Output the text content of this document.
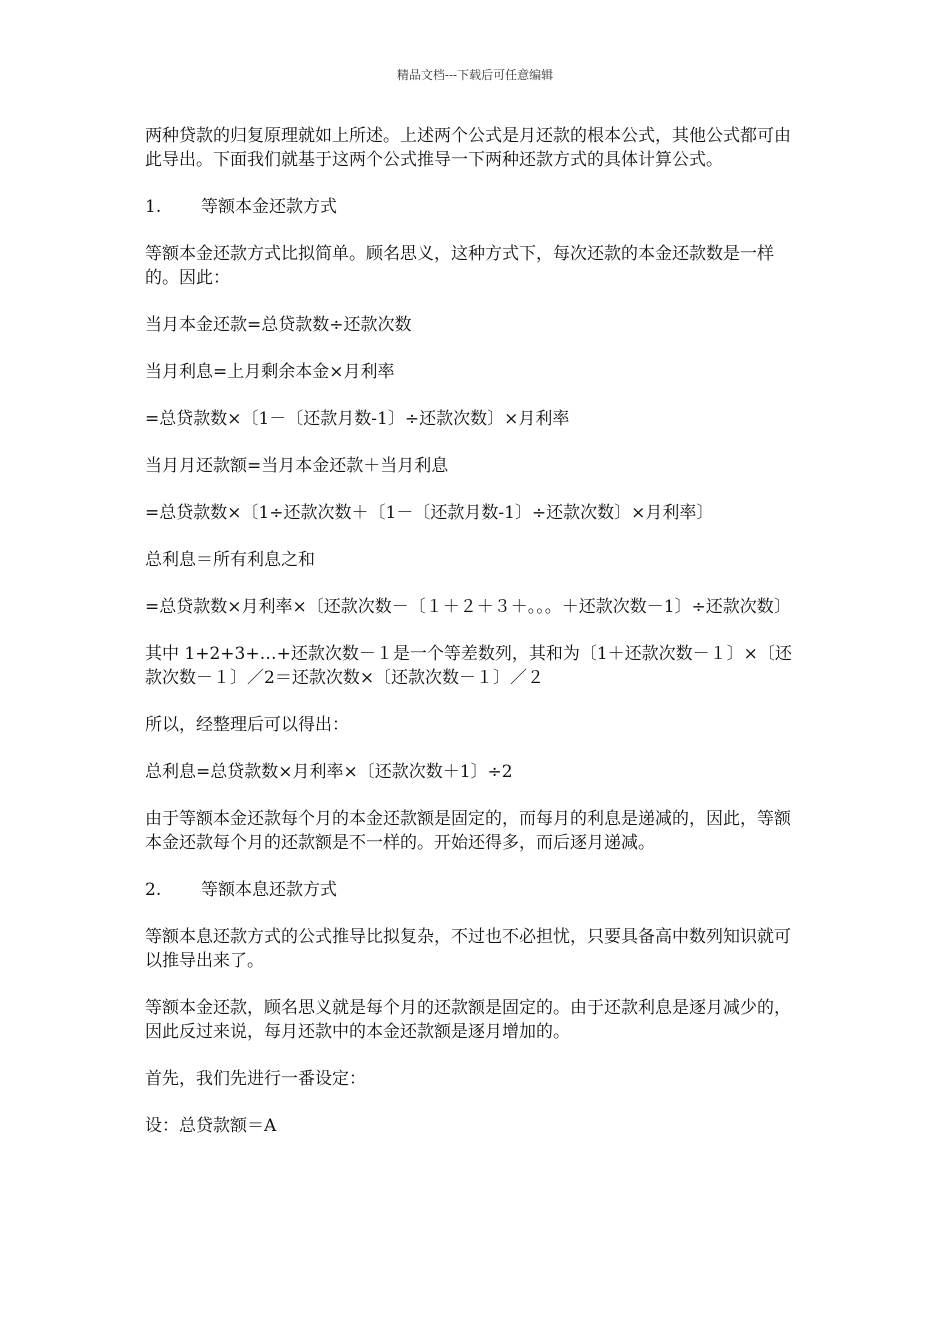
精品文档---下载后可任意编辑

两种贷款的归复原理就如上所述。上述两个公式是月还款的根本公式，其他公式都可由此导出。下面我们就基于这两个公式推导一下两种还款方式的具体计算公式。

1. 等额本金还款方式

等额本金还款方式比拟简单。顾名思义，这种方式下，每次还款的本金还款数是一样的。因此：

当月本金还款=总贷款数÷还款次数

当月利息=上月剩余本金×月利率

=总贷款数×〔1－〔还款月数-1〕÷还款次数〕×月利率

当月月还款额=当月本金还款＋当月利息

=总贷款数×〔1÷还款次数＋〔1－〔还款月数-1〕÷还款次数〕×月利率〕

总利息＝所有利息之和

=总贷款数×月利率×〔还款次数－〔１＋２＋３＋。。。＋还款次数－1〕÷还款次数〕

其中 1+2+3+…+还款次数－１是一个等差数列，其和为〔1＋还款次数－１〕×〔还款次数－１〕／2＝还款次数×〔还款次数－１〕／２

所以，经整理后可以得出：

总利息=总贷款数×月利率×〔还款次数＋1〕÷2

由于等额本金还款每个月的本金还款额是固定的，而每月的利息是递减的，因此，等额本金还款每个月的还款额是不一样的。开始还得多，而后逐月递减。

2. 等额本息还款方式

等额本息还款方式的公式推导比拟复杂，不过也不必担忧，只要具备高中数列知识就可以推导出来了。

等额本金还款，顾名思义就是每个月的还款额是固定的。由于还款利息是逐月减少的，因此反过来说，每月还款中的本金还款额是逐月增加的。

首先，我们先进行一番设定：

设：总贷款额＝A
